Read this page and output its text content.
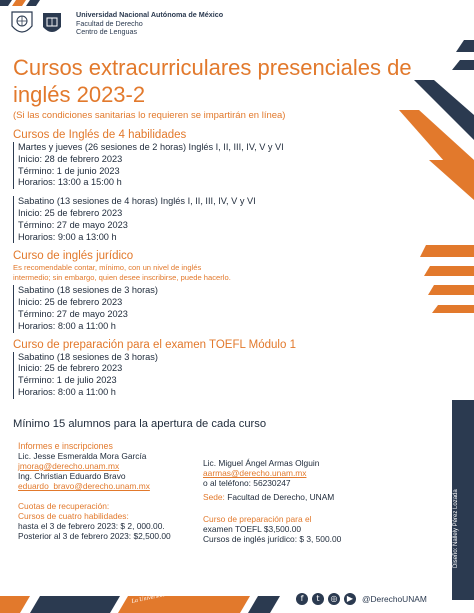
Universidad Nacional Autónoma de México
Facultad de Derecho
Centro de Lenguas
Cursos extracurriculares presenciales de inglés 2023-2
(Si las condiciones sanitarias lo requieren se impartirán en línea)
Cursos de Inglés de 4 habilidades
Martes y jueves (26 sesiones de 2 horas) Inglés I, II, III, IV, V y VI
Inicio: 28 de febrero 2023
Término: 1 de junio 2023
Horarios: 13:00 a 15:00 h
Sabatino (13 sesiones de 4 horas) Inglés I, II, III, IV, V y VI
Inicio: 25 de febrero 2023
Término: 27 de mayo 2023
Horarios: 9:00 a 13:00 h
Curso de inglés jurídico
Es recomendable contar, mínimo, con un nivel de inglés
intermedio; sin embargo, quien desee inscribirse, puede hacerlo.
Sabatino (18 sesiones de 3 horas)
Inicio: 25 de febrero 2023
Término: 27 de mayo 2023
Horarios: 8:00 a 11:00 h
Curso de preparación para el examen TOEFL Módulo 1
Sabatino (18 sesiones de 3 horas)
Inicio: 25 de febrero 2023
Término: 1 de julio 2023
Horarios: 8:00 a 11:00 h
Mínimo 15 alumnos para la apertura de cada curso
Informes e inscripciones
Lic. Jesse Esmeralda Mora García
jmorag@derecho.unam.mx
Ing. Christian Eduardo Bravo
eduardo_bravo@derecho.unam.mx
Cuotas de recuperación:
Cursos de cuatro habilidades:
hasta el 3 de febrero 2023: $ 2, 000.00.
Posterior al 3 de febrero 2023: $2,500.00
Lic. Miguel Ángel Armas Olguin
aarmas@derecho.unam.mx
o al teléfono: 56230247
Sede: Facultad de Derecho, UNAM
Curso de preparación para el
examen TOEFL $3,500.00
Cursos de inglés jurídico: $ 3, 500.00	Diseño: Nallely Pérez Lozada
UNAM
La Universidad de la Nación
f	t	◎	▶	@DerechoUNAM
